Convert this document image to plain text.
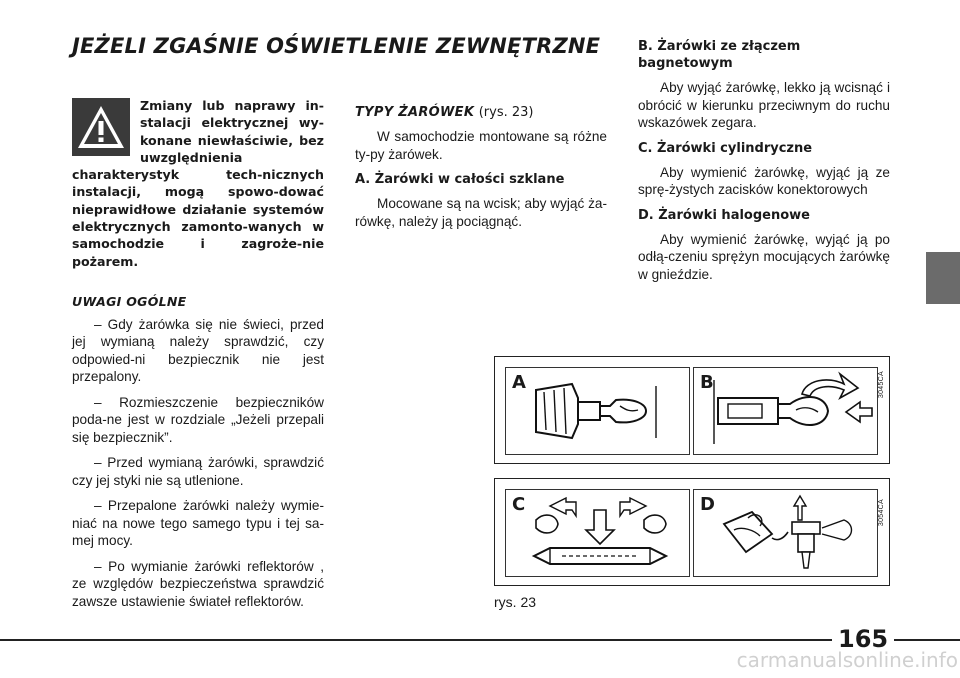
JEŻELI ZGAŚNIE OŚWIETLENIE ZEWNĘTRZNE
Zmiany lub naprawy in-stalacji elektrycznej wy-konane niewłaściwie, bez uwzględnienia charakterystyk tech-nicznych instalacji, mogą spowo-dować nieprawidłowe działanie systemów elektrycznych zamonto-wanych w samochodzie i zagroże-nie pożarem.

UWAGI OGÓLNE

– Gdy żarówka się nie świeci, przed jej wymianą należy sprawdzić, czy odpowied-ni bezpiecznik nie jest przepalony.

– Rozmieszczenie bezpieczników poda-ne jest w rozdziale „Jeżeli przepali się bezpiecznik”.

– Przed wymianą żarówki, sprawdzić czy jej styki nie są utlenione.

– Przepalone żarówki należy wymie-niać na nowe tego samego typu i tej sa-mej mocy.

– Po wymianie żarówki reflektorów , ze względów bezpieczeństwa sprawdzić zawsze ustawienie świateł reflektorów.

TYPY ŻARÓWEK (rys. 23)

W samochodzie montowane są różne ty-py żarówek.

A. Żarówki w całości szklane

Mocowane są na wcisk; aby wyjąć ża-rówkę, należy ją pociągnąć.

B. Żarówki ze złączem bagnetowym

Aby wyjąć żarówkę, lekko ją wcisnąć i obrócić w kierunku przeciwnym do ruchu wskazówek zegara.

C. Żarówki cylindryczne

Aby wymienić żarówkę, wyjąć ją ze sprę-żystych zacisków konektorowych

D. Żarówki halogenowe

Aby wymienić żarówkę, wyjąć ją po odłą-czeniu sprężyn mocujących żarówkę w gnieździe.

A	B	3045CA
C	D	3054CA
rys. 23
165
carmanualsonline.info
